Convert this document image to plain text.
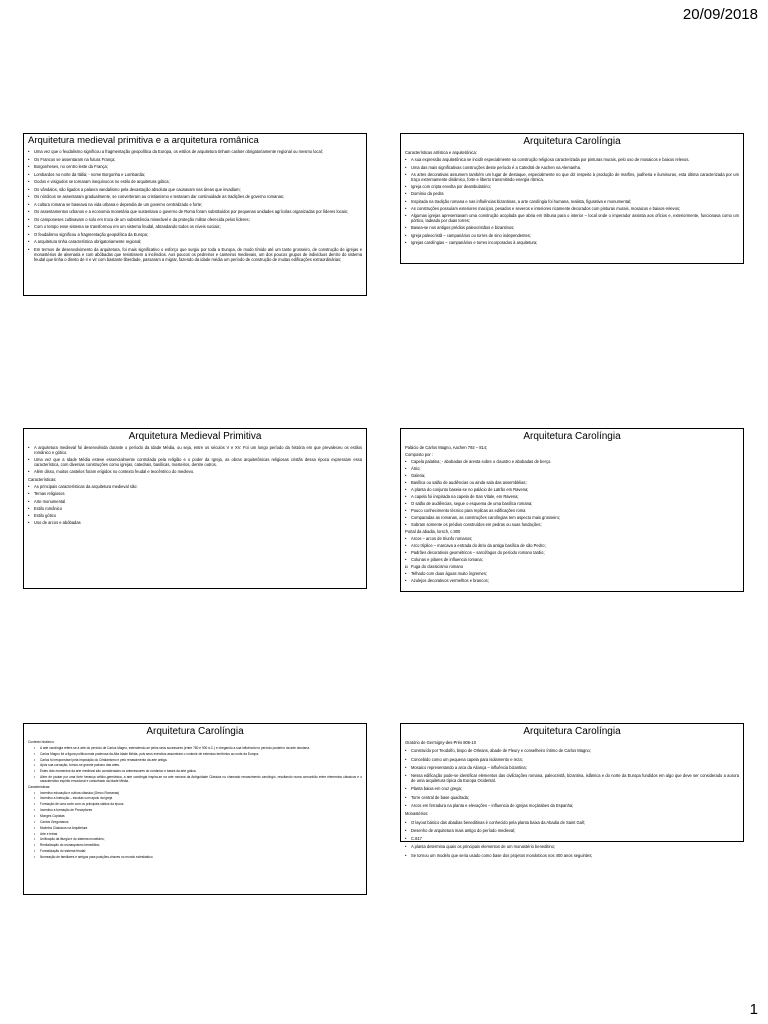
20/09/2018
Arquitetura medieval primitiva e a arquitetura românica
• Uma vez que o feudalismo significou a fragmentação geopolítica da Europa, os estilos de arquitetura tinham caráter obrigatoriamente regional ou mesmo local;
• Os Francos se assentaram na futura França;
• Borgonheses, no centro leste da França;
• Lombardos no norte da Itália; - nome Borgonha e Lombardia;
• Godos e visigodos se tornaram inequívocos no estilo de arquitetura gótica;
• Os vândalos, são ligados a palavra vandalismo pela devastação absoluta que causavam nas áreas que invadiam;
• Os nórdicos se assentaram gradualmente, se converteram ao cristianismo e tentaram dar continuidade as tradições de governo romanas;
• A cultura romana se baseava na vida urbana e dependia de um governo centralizado e forte;
• Os assentamentos urbanos e a economia monetária que sustentava o governo de Roma foram substituídos por pequenas unidades agrícolas organizadas por líderes locais;
• Os camponeses cultivavam o solo em troca de um subsistência miserável e da proteção militar oferecida pelos líderes;
• Com o tempo esse sistema se transformou em um sistema feudal, abrandando todos os níveis sociais;
• O feudalismo significou a fragmentação geopolítica da Europa;
• A arquitetura tinha característica obrigatoriamente regional;
• Em termos de desenvolvimento da arquitetura, foi mais significativo o esforço que surgiu por toda a Europa, de modo tímido até um tanto grosseiro, de construção de igrejas e monastérios de alvenaria e com abóbadas que resistissem a incêndios. Aos poucos os pedreiros e canteiros medievais, um dos poucos grupos de indivíduos dentro do sistema feudal que tinha o direito de ir e vir com bastante liberdade, passaram a migrar, fazendo da idade média um período de construção de muitas edificações extraordinárias;
Arquitetura Carolíngia
Características artística e arquitetônica:
• A sua expressão arquitetônica se incidir especialmente na construção religiosa caracterizada por pinturas murais, pelo uso de mosaicos e baixos relevos.
• Uma das mais significativas construções deste período é a Catedral de Aachen na Alemanha.
• As artes decorativas assumem também um lugar de destaque, especialmente no que diz respeito à produção de marfins, joalheria e iluminuras, esta última caracterizada por um traço extremamente dinâmico, forte e liberto transmitindo energia rítmica.
• Igreja com cripta envolta por deambulatório;
• Domínio da pedra
• Inspirada na tradição romana e nas influências bizantinas, a arte carolíngia foi humana, realista, figurativa e monumental;
• As construções possuíam exteriores maciços, pesados e severos e interiores ricamente decorados com pinturas murais, mosaicos e baixos-relevos;
• Algumas igrejas apresentavam uma construção acoplada que abria em tribuna para o interior – local onde o imperador assistia aos ofícios e, exteriormente, funcionava como um pórtico, ladeado por duas torres;
• Basea-se nos antigos prédios paleocristãos e bizantinos;
• Igreja paleocristã – campanários ou torres de sino independentes;
• Igrejas carolíngias – campanários e torres incorporados à arquitetura;
Arquitetura Medieval Primitiva
• A arquitetura medieval foi desenvolvida durante o período da Idade Média, ou seja, entre os séculos V e XV. Foi um longo período da história em que prevaleceu os estilos românico e gótico.
• Uma vez que a Idade Média esteve essencialmente controlada pela religião e o poder da Igreja, as obras arquitetônicas religiosas cristãs dessa época expressam essa característica, com diversas construções como igrejas, catedrais, basílicas, mosteiros, dentre outros.
• Além disso, muitos castelos foram erigidos no contexto feudal e teocêntrico do medievo.
Características:
• As principais características da arquitetura medieval são:
• Temas religiosos
• Arte monumental
• Estilo românico
• Estilo gótico
• Uso de arcos e abóbadas
Arquitetura Carolíngia
Palácio de Carlos Magno, Aachen 792 – 814;
Composto por :
• Capela palatina; - abobadas de aresta sobre o claustro e abobadas de berço.
• Átrio;
• Galeria;
• Basílica ou salão de audiências ou ainda sala das assembléias;
• A planta do conjunto baseia-se no palácio de Latrão em Ravena;
• A capela foi inspirada na capela de San Vitale, em Ravena;
• O salão de audiências, segue o esquema de uma basílica romana;
• Pouco conhecimento técnico para replicas as edificações roma
• Comparadas as romanas, as construções carolíngias tem aspecto mais grosseiro;
• Sobram somente os prédios construídos em pedras ou suas fundações;
Portal da abadia, lorsch, c.800
• Arcos – arcos de triunfo romanos;
• Arco tríplice – marcava a entrada do átrio da antiga basílica de são Pedro;
• Padrões decorativos geométricos – sarcófagos do período romano tardio;
• Colunas e pilares de influencia romana;
◘ Fuga do classicismo romano
• Telhado com duas águas muito íngremes;
• Azulejos decorativos vermelhos e brancos;
Arquitetura Carolíngia
Contexto histórico:
• A arte carolíngia refere-se à arte do período de Carlos Magno, estendendo-se pelos seus sucessores (entre 780 e 900 d.C.) e chegando a sua influência no período posterior da arte otoniana.
• Carlos Magno foi a figura política mais poderosa da Alta Idade Média, pois seus exércitos assumiram o controle de extensos territórios ao norte da Europa.
• Carlos foi responsável pela imposição do Cristianismo e pelo renascimento da arte antiga.
• Após sua coroação, tornou-se grande patrono das artes.
• Estes dois momentos da arte medieval são considerados os antecessores do românico e bases da arte gótica.
• Além de pautar por uma forte herança céltico-germânica, a arte carolíngia inspira-se na arte romana da Antiguidade Clássica no chamado renascimento carolíngio, resultando numa comunhão entre elementos clássicos e o característico espírito emocional e conturbado da Idade Média.
Características:
• Incentivo educação e cultura clássica (Greco-Romanas)
• Incentivo a instrução – escolas com apoio da igreja
• Formação de uma corte com os principais sábios da época
• Incentivo a formação de Preceptores
• Monges Copistas
• Cantos Gregorianos
• Modelos Clássicos na Arquitetura
• Arte e letras
• Unificação da liturgia e do sistema monetário;
• Revitalização do monarquismo beneditino;
• Formalização do sistema feudal;
• Nomeação de familiares e amigos para posições-chaves no mundo eclesiástico.
Arquitetura Carolíngia
Oratório de Germigny-des-Prés 806-10
• Construído por Teodolfo, bispo de Orleans, abade de Fleury e conselheiro íntimo de Carlos Magno;
• Concebido como um pequena capela para isolamento e reza;
• Mosaico representando a arca da Aliança – influência bizantina;
• Nessa edificação pode-se identificar elementos das civilizações romana, paleocristã, bizantina, islâmica e do norte da Europa fundidos em algo que deve ser considerado a aurora de uma arquitetura típica da Europa Ocidental.
• Planta baixa em cruz grega;
• Torre central de base quadrada;
• Arcos em ferradura na planta e elevações – influencia de igrejas moçárabes da Espanha;
Monastérios:
• O layout básico das abadias beneditinas é conhecido pela planta baixa da Abadia de Saint Gall;
• Desenho de arquitetura mais antigo do período medieval;
• C.817
• A planta determina quais os principais elementos de um monastério beneditino;
• Se tornou um modelo que seria usado como base dos projetos monásticos nos 400 anos seguintes;
1
